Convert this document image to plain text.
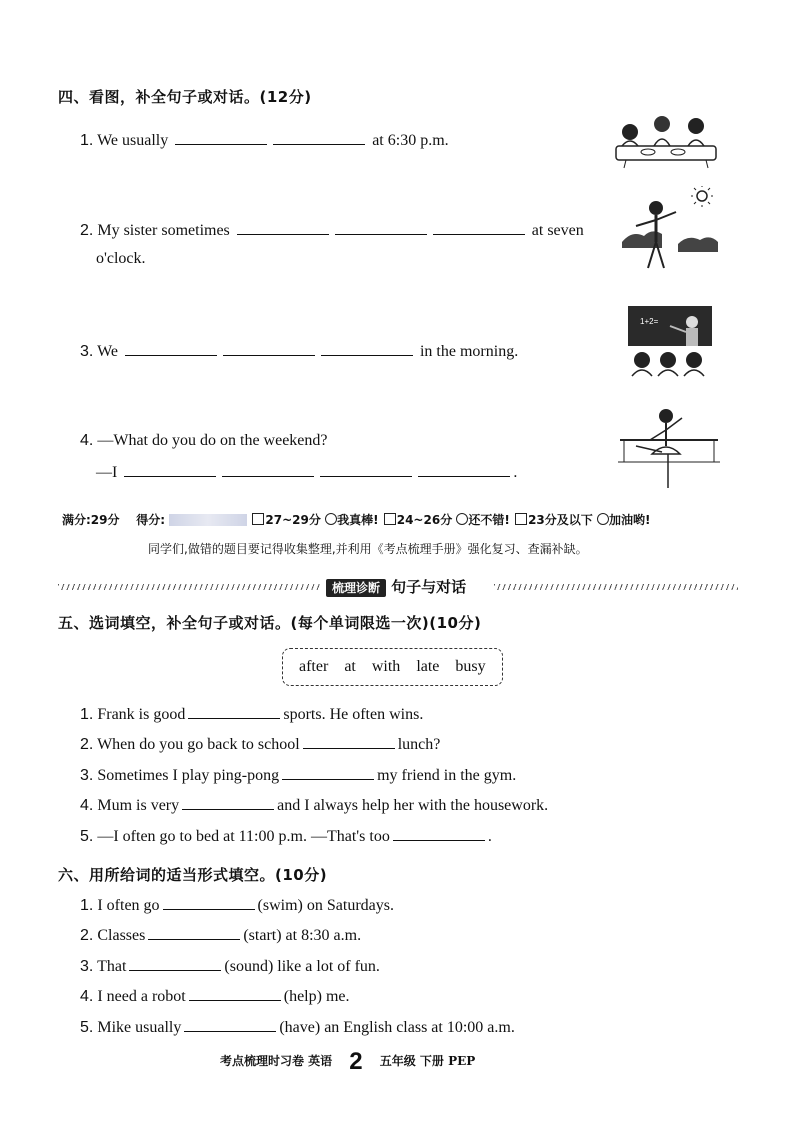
四、看图，补全句子或对话。(12分)
1. We usually	at 6:30 p.m.
2. My sister sometimes	at seven
o'clock.
3. We	in the morning.
4. —What do you do on the weekend?
—I	.
1+2=
满分:29分 得分:	27~29分 我真棒! 24~26分 还不错! 23分及以下 加油哟!
同学们,做错的题目要记得收集整理,并利用《考点梳理手册》强化复习、查漏补缺。
梳理诊断 句子与对话
五、选词填空，补全句子或对话。(每个单词限选一次)(10分)
after at with late busy
1. Frank is good	sports. He often wins.
2. When do you go back to school	lunch?
3. Sometimes I play ping-pong	my friend in the gym.
4. Mum is very	and I always help her with the housework.
5. —I often go to bed at 11:00 p.m. —That's too	.
六、用所给词的适当形式填空。(10分)
1. I often go	(swim) on Saturdays.
2. Classes	(start) at 8:30 a.m.
3. That	(sound) like a lot of fun.
4. I need a robot	(help) me.
5. Mike usually	(have) an English class at 10:00 a.m.
考点梳理时习卷 英语 2 五年级 下册 PEP
